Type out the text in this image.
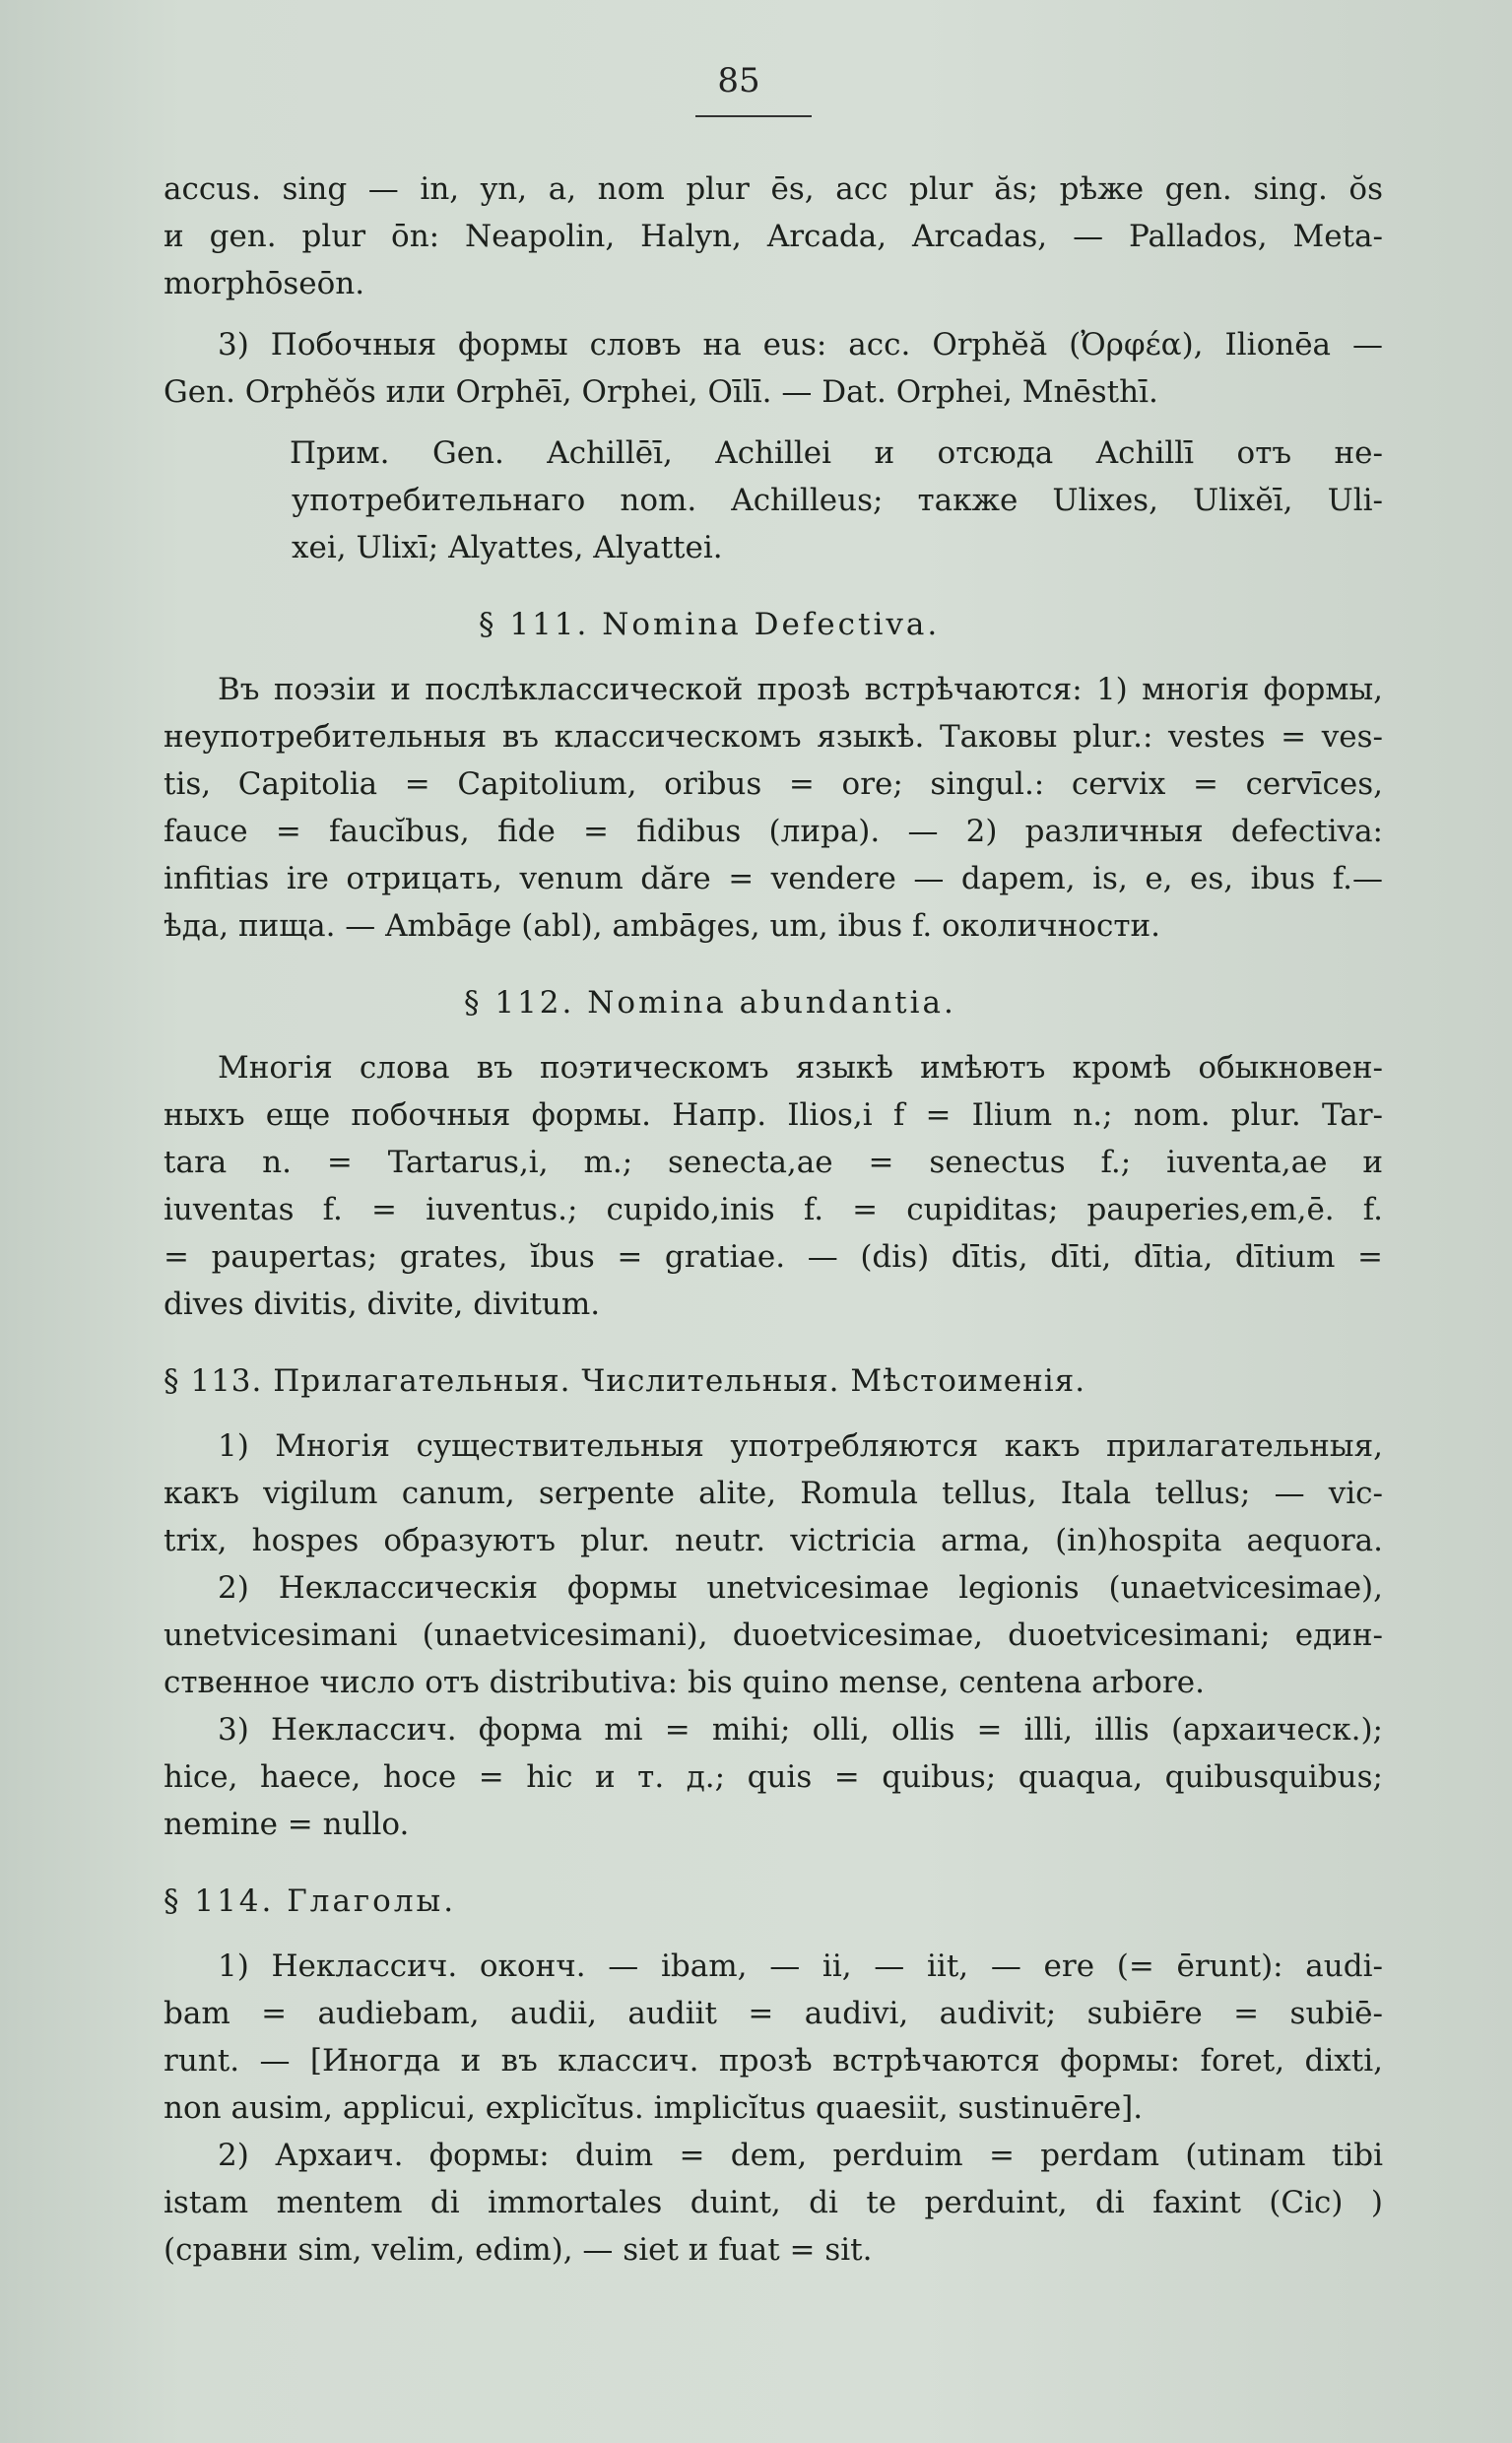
85
accus. sing — in, yn, a, nom plur ēs, acc plur ăs; рѣже gen. sing. ŏs
и gen. plur ōn: Neapolin, Halyn, Arcada, Arcadas, — Pallados, Meta-
morphōseōn.
3) Побочныя формы словъ на eus: acc. Orphĕă (Ὀρφέα), Ilionēa —
Gen. Orphĕŏs или Orphēī, Orphei, Oīlī. — Dat. Orphei, Mnēsthī.
Прим. Gen. Achillēī, Achillei и отсюда Achillī отъ не-
употребительнаго nom. Achilleus; также Ulixes, Ulixĕī, Uli-
xei, Ulixī; Alyattes, Alyattei.
§ 111. Nomina Defectiva.
Въ поэзіи и послѣклассической прозѣ встрѣчаются: 1) многія формы,
неупотребительныя въ классическомъ языкѣ. Таковы plur.: vestes = ves-
tis, Capitolia = Capitolium, oribus = ore; singul.: cervix = cervīces,
fauce = faucĭbus, fide = fidibus (лира). — 2) различныя defectiva:
infitias ire отрицать, venum dăre = vendere — dapem, is, e, es, ibus f.—
ѣда, пища. — Ambāge (abl), ambāges, um, ibus f. околичности.
§ 112. Nomina abundantia.
Многія слова въ поэтическомъ языкѣ имѣютъ кромѣ обыкновен-
ныхъ еще побочныя формы. Напр. Ilios,i f = Ilium n.; nom. plur. Tar-
tara n. = Tartarus,i, m.; senecta,ae = senectus f.; iuventa,ae и
iuventas f. = iuventus.; cupido,inis f. = cupiditas; pauperies,em,ē. f.
= paupertas; grates, ĭbus = gratiae. — (dis) dītis, dīti, dītia, dītium =
dives divitis, divite, divitum.
§ 113. Прилагательныя. Числительныя. Мѣстоименія.
1) Многія существительныя употребляются какъ прилагательныя,
какъ vigilum canum, serpente alite, Romula tellus, Itala tellus; — vic-
trix, hospes образуютъ plur. neutr. victricia arma, (in)hospita aequora.
2) Неклассическія формы unetvicesimae legionis (unaetvicesimae),
unetvicesimani (unaetvicesimani), duoetvicesimae, duoetvicesimani; един-
ственное число отъ distributiva: bis quino mense, centena arbore.
3) Неклассич. форма mi = mihi; olli, ollis = illi, illis (архаическ.);
hice, haece, hoce = hic и т. д.; quis = quibus; quaqua, quibusquibus;
nemine = nullo.
§ 114. Глаголы.
1) Неклассич. оконч. — ibam, — ii, — iit, — ere (= ērunt): audi-
bam = audiebam, audii, audiit = audivi, audivit; subiēre = subiē-
runt. — [Иногда и въ классич. прозѣ встрѣчаются формы: foret, dixti,
non ausim, applicui, explicĭtus. implicĭtus quaesiit, sustinuēre].
2) Архаич. формы: duim = dem, perduim = perdam (utinam tibi
istam mentem di immortales duint, di te perduint, di faxint (Cic) )
(сравни sim, velim, edim), — siet и fuat = sit.
